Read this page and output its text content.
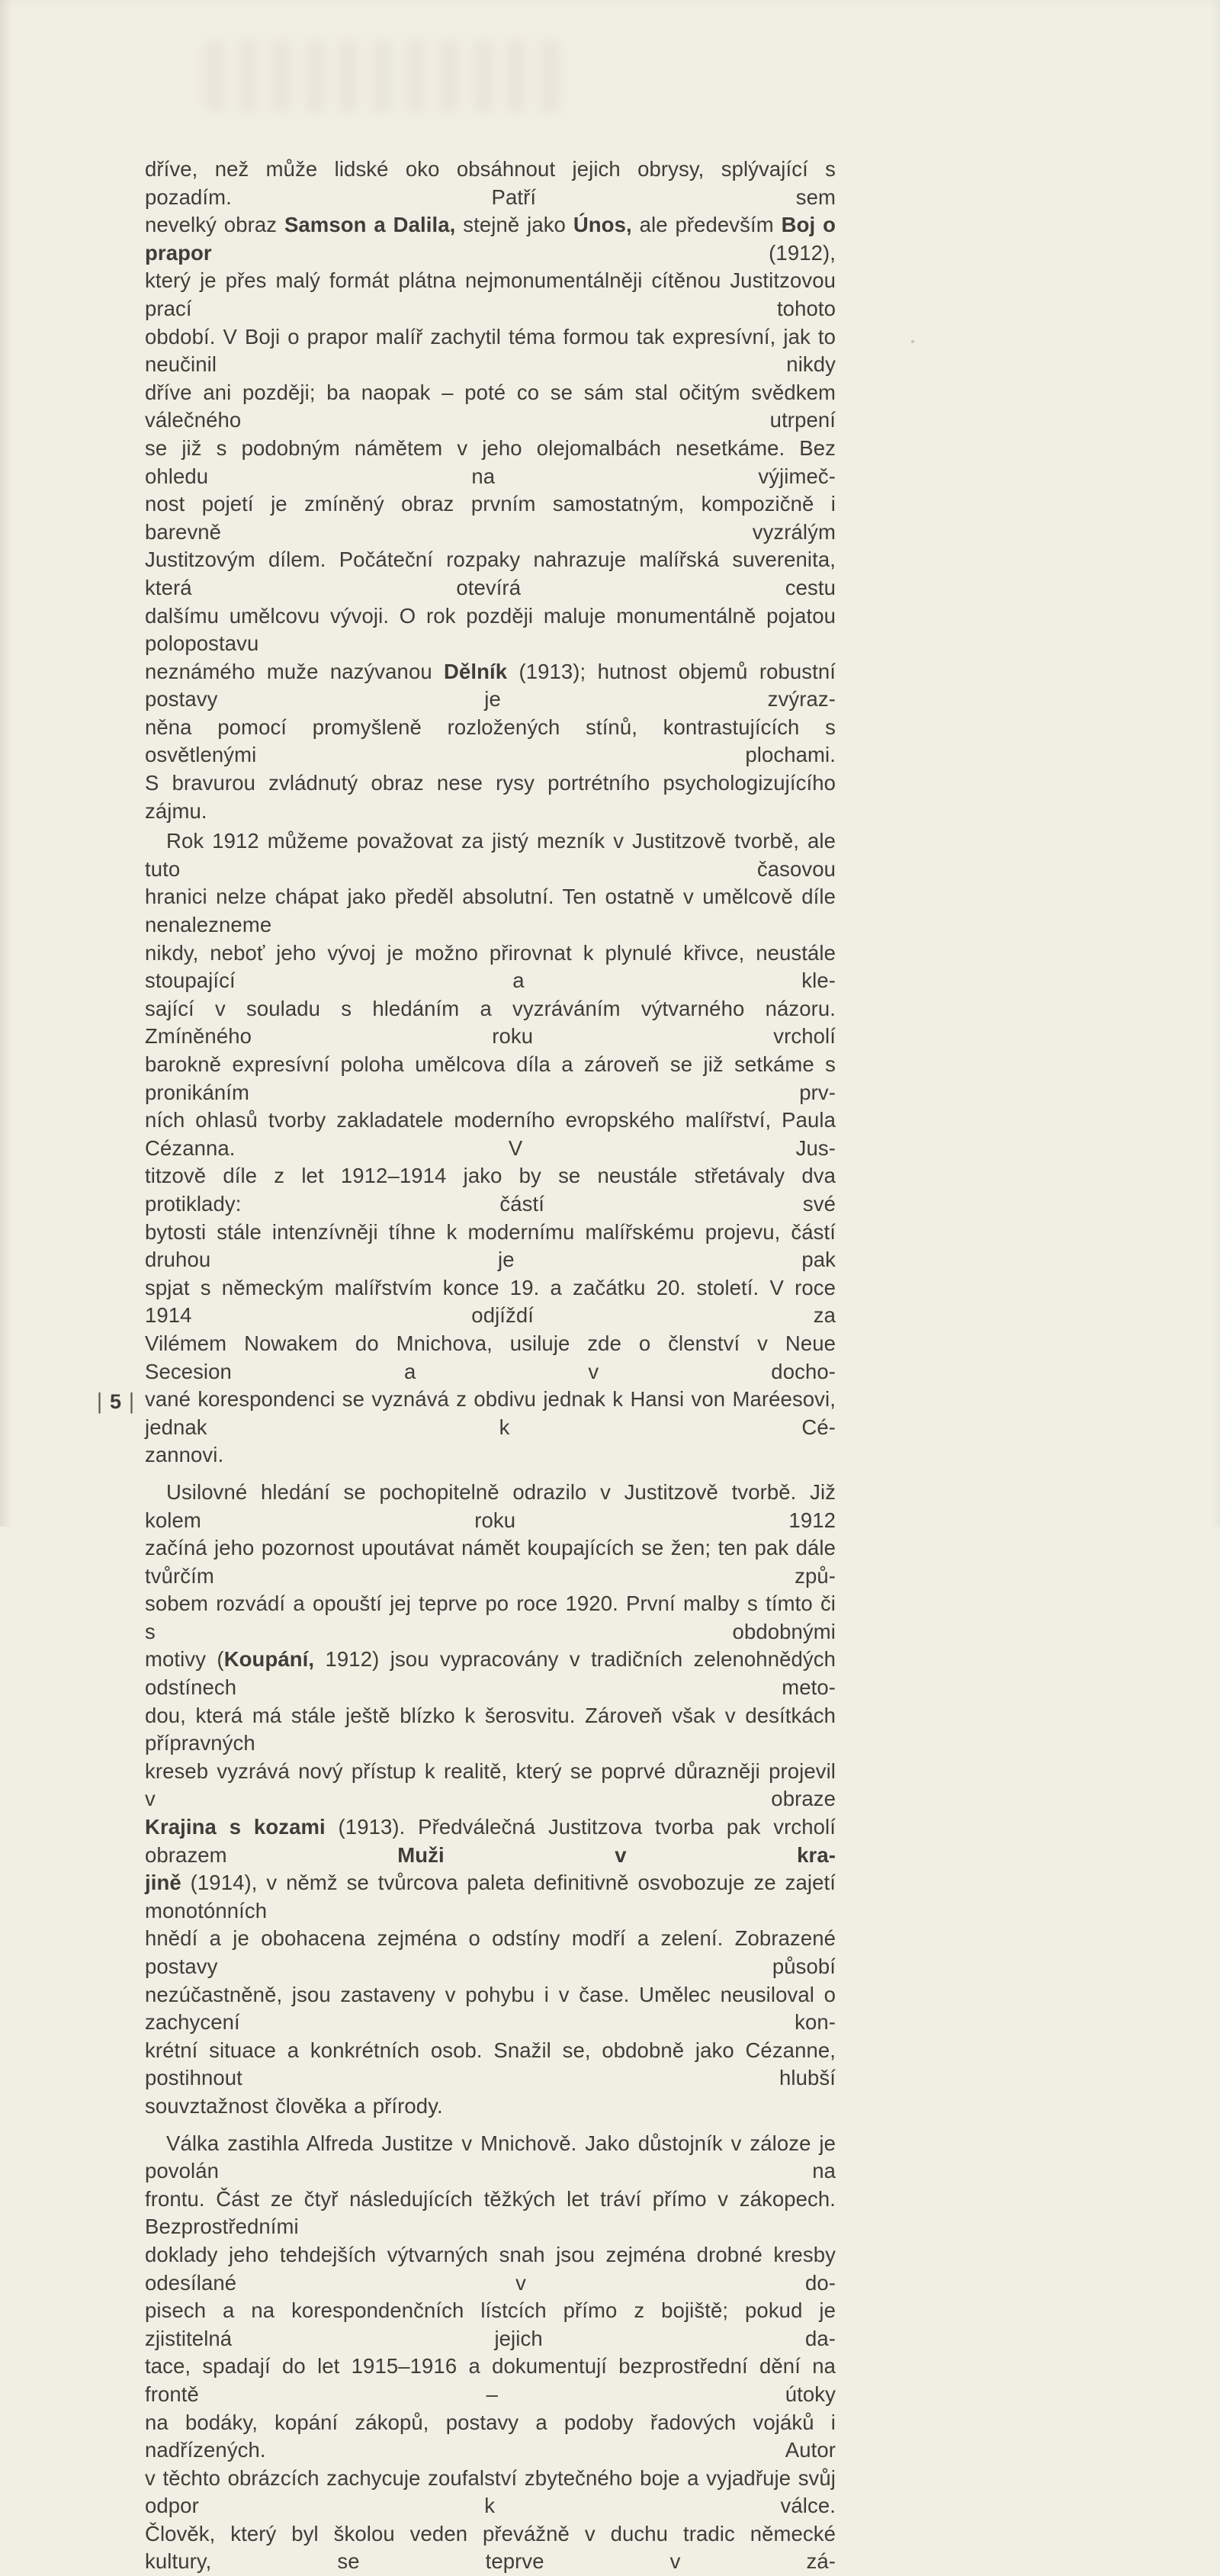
dříve, než může lidské oko obsáhnout jejich obrysy, splývající s pozadím. Patří sem
nevelký obraz Samson a Dalila, stejně jako Únos, ale především Boj o prapor (1912),
který je přes malý formát plátna nejmonumentálněji cítěnou Justitzovou prací tohoto
období. V Boji o prapor malíř zachytil téma formou tak expresívní, jak to neučinil nikdy
dříve ani později; ba naopak – poté co se sám stal očitým svědkem válečného utrpení
se již s podobným námětem v jeho olejomalbách nesetkáme. Bez ohledu na výjimeč-
nost pojetí je zmíněný obraz prvním samostatným, kompozičně i barevně vyzrálým
Justitzovým dílem. Počáteční rozpaky nahrazuje malířská suverenita, která otevírá cestu
dalšímu umělcovu vývoji. O rok později maluje monumentálně pojatou polopostavu
neznámého muže nazývanou Dělník (1913); hutnost objemů robustní postavy je zvýraz-
něna pomocí promyšleně rozložených stínů, kontrastujících s osvětlenými plochami.
S bravurou zvládnutý obraz nese rysy portrétního psychologizujícího zájmu.
Rok 1912 můžeme považovat za jistý mezník v Justitzově tvorbě, ale tuto časovou
hranici nelze chápat jako předěl absolutní. Ten ostatně v umělcově díle nenalezneme
nikdy, neboť jeho vývoj je možno přirovnat k plynulé křivce, neustále stoupající a kle-
sající v souladu s hledáním a vyzráváním výtvarného názoru. Zmíněného roku vrcholí
barokně expresívní poloha umělcova díla a zároveň se již setkáme s pronikáním prv-
ních ohlasů tvorby zakladatele moderního evropského malířství, Paula Cézanna. V Jus-
titzově díle z let 1912–1914 jako by se neustále střetávaly dva protiklady: částí své
bytosti stále intenzívněji tíhne k modernímu malířskému projevu, částí druhou je pak
spjat s německým malířstvím konce 19. a začátku 20. století. V roce 1914 odjíždí za
Vilémem Nowakem do Mnichova, usiluje zde o členství v Neue Secesion a v docho-
vané korespondenci se vyznává z obdivu jednak k Hansi von Maréesovi, jednak k Cé-
zannovi.
Usilovné hledání se pochopitelně odrazilo v Justitzově tvorbě. Již kolem roku 1912
začíná jeho pozornost upoutávat námět koupajících se žen; ten pak dále tvůrčím způ-
sobem rozvádí a opouští jej teprve po roce 1920. První malby s tímto či s obdobnými
motivy (Koupání, 1912) jsou vypracovány v tradičních zelenohnědých odstínech meto-
dou, která má stále ještě blízko k šerosvitu. Zároveň však v desítkách přípravných
kreseb vyzrává nový přístup k realitě, který se poprvé důrazněji projevil v obraze
Krajina s kozami (1913). Předválečná Justitzova tvorba pak vrcholí obrazem Muži v kra-
jině (1914), v němž se tvůrcova paleta definitivně osvobozuje ze zajetí monotónních
hnědí a je obohacena zejména o odstíny modří a zelení. Zobrazené postavy působí
nezúčastněně, jsou zastaveny v pohybu i v čase. Umělec neusiloval o zachycení kon-
krétní situace a konkrétních osob. Snažil se, obdobně jako Cézanne, postihnout hlubší
souvztažnost člověka a přírody.
Válka zastihla Alfreda Justitze v Mnichově. Jako důstojník v záloze je povolán na
frontu. Část ze čtyř následujících těžkých let tráví přímo v zákopech. Bezprostředními
doklady jeho tehdejších výtvarných snah jsou zejména drobné kresby odesílané v do-
pisech a na korespondenčních lístcích přímo z bojiště; pokud je zjistitelná jejich da-
tace, spadají do let 1915–1916 a dokumentují bezprostřední dění na frontě – útoky
na bodáky, kopání zákopů, postavy a podoby řadových vojáků i nadřízených. Autor
v těchto obrázcích zachycuje zoufalství zbytečného boje a vyjadřuje svůj odpor k válce.
Člověk, který byl školou veden převážně v duchu tradic německé kultury, se teprve v zá-
| 5 |
